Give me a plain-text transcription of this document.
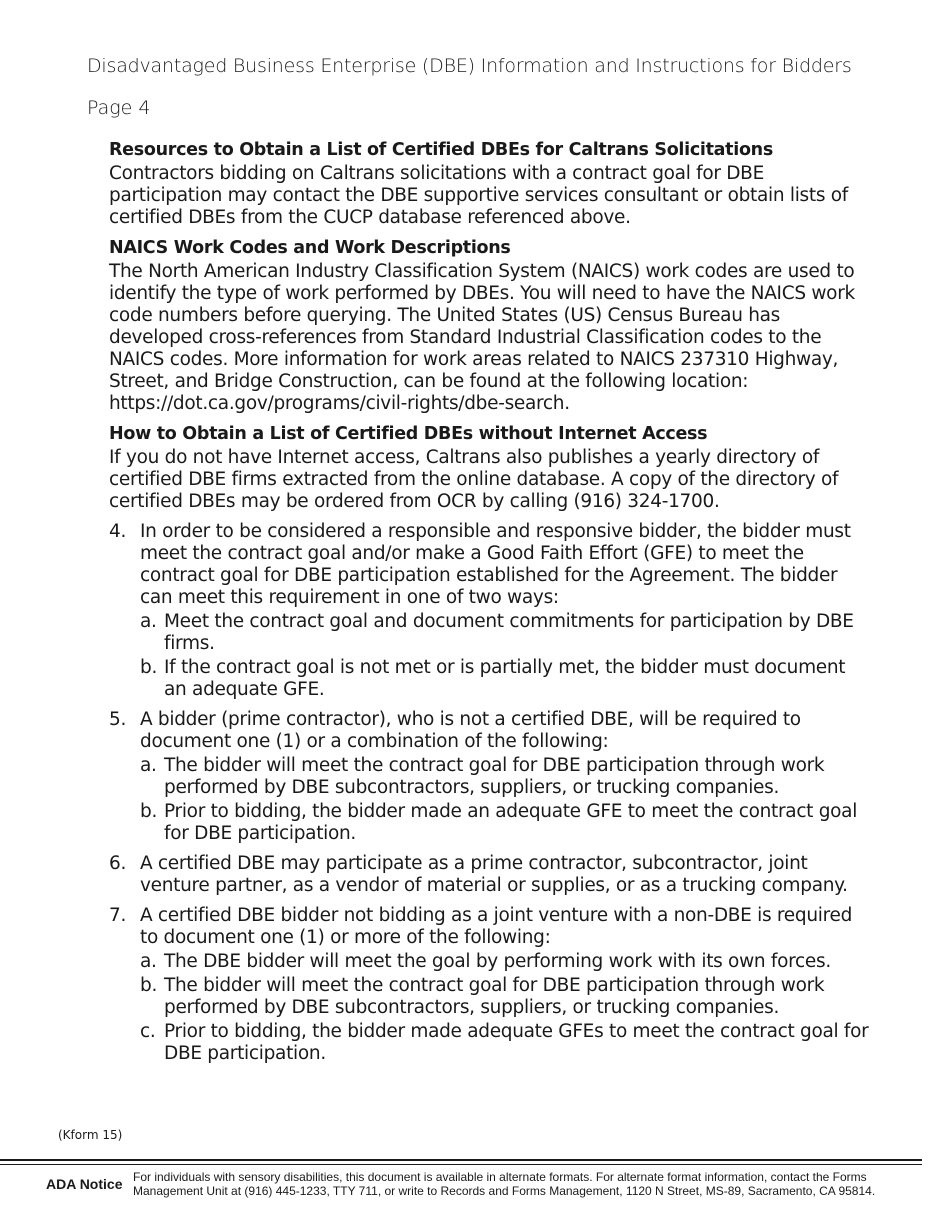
Disadvantaged Business Enterprise (DBE) Information and Instructions for Bidders
Page 4
Resources to Obtain a List of Certified DBEs for Caltrans Solicitations

Contractors bidding on Caltrans solicitations with a contract goal for DBE participation may contact the DBE supportive services consultant or obtain lists of certified DBEs from the CUCP database referenced above.

NAICS Work Codes and Work Descriptions

The North American Industry Classification System (NAICS) work codes are used to identify the type of work performed by DBEs. You will need to have the NAICS work code numbers before querying. The United States (US) Census Bureau has developed cross-references from Standard Industrial Classification codes to the NAICS codes. More information for work areas related to NAICS 237310 Highway, Street, and Bridge Construction, can be found at the following location: https://dot.ca.gov/programs/civil-rights/dbe-search.

How to Obtain a List of Certified DBEs without Internet Access

If you do not have Internet access, Caltrans also publishes a yearly directory of certified DBE firms extracted from the online database. A copy of the directory of certified DBEs may be ordered from OCR by calling (916) 324-1700.

4. In order to be considered a responsible and responsive bidder, the bidder must meet the contract goal and/or make a Good Faith Effort (GFE) to meet the contract goal for DBE participation established for the Agreement. The bidder can meet this requirement in one of two ways:
a. Meet the contract goal and document commitments for participation by DBE firms.
b. If the contract goal is not met or is partially met, the bidder must document an adequate GFE.
5. A bidder (prime contractor), who is not a certified DBE, will be required to document one (1) or a combination of the following:
a. The bidder will meet the contract goal for DBE participation through work performed by DBE subcontractors, suppliers, or trucking companies.
b. Prior to bidding, the bidder made an adequate GFE to meet the contract goal for DBE participation.
6. A certified DBE may participate as a prime contractor, subcontractor, joint venture partner, as a vendor of material or supplies, or as a trucking company.
7. A certified DBE bidder not bidding as a joint venture with a non-DBE is required to document one (1) or more of the following:
a. The DBE bidder will meet the goal by performing work with its own forces.
b. The bidder will meet the contract goal for DBE participation through work performed by DBE subcontractors, suppliers, or trucking companies.
c. Prior to bidding, the bidder made adequate GFEs to meet the contract goal for DBE participation.
(Kform 15)
ADA Notice For individuals with sensory disabilities, this document is available in alternate formats. For alternate format information, contact the Forms Management Unit at (916) 445-1233, TTY 711, or write to Records and Forms Management, 1120 N Street, MS-89, Sacramento, CA 95814.
